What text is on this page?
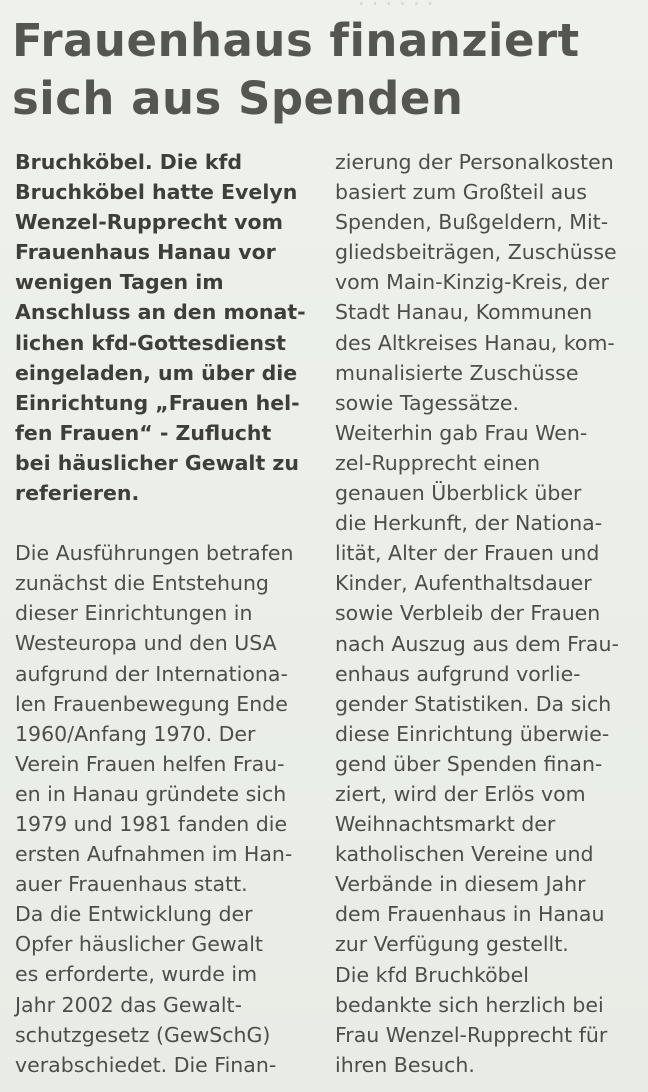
· · · · · ·
Frauenhaus finanziert
sich aus Spenden
Bruchköbel. Die kfd
Bruchköbel hatte Evelyn
Wenzel-Rupprecht vom
Frauenhaus Hanau vor
wenigen Tagen im
Anschluss an den monat-
lichen kfd-Gottesdienst
eingeladen, um über die
Einrichtung „Frauen hel-
fen Frauen“ - Zuflucht
bei häuslicher Gewalt zu
referieren.
Die Ausführungen betrafen
zunächst die Entstehung
dieser Einrichtungen in
Westeuropa und den USA
aufgrund der Internationa-
len Frauenbewegung Ende
1960/Anfang 1970. Der
Verein Frauen helfen Frau-
en in Hanau gründete sich
1979 und 1981 fanden die
ersten Aufnahmen im Han-
auer Frauenhaus statt.
Da die Entwicklung der
Opfer häuslicher Gewalt
es erforderte, wurde im
Jahr 2002 das Gewalt-
schutzgesetz (GewSchG)
verabschiedet. Die Finan-
zierung der Personalkosten
basiert zum Großteil aus
Spenden, Bußgeldern, Mit-
gliedsbeiträgen, Zuschüsse
vom Main-Kinzig-Kreis, der
Stadt Hanau, Kommunen
des Altkreises Hanau, kom-
munalisierte Zuschüsse
sowie Tagessätze.
Weiterhin gab Frau Wen-
zel-Rupprecht einen
genauen Überblick über
die Herkunft, der Nationa-
lität, Alter der Frauen und
Kinder, Aufenthaltsdauer
sowie Verbleib der Frauen
nach Auszug aus dem Frau-
enhaus aufgrund vorlie-
gender Statistiken. Da sich
diese Einrichtung überwie-
gend über Spenden finan-
ziert, wird der Erlös vom
Weihnachtsmarkt der
katholischen Vereine und
Verbände in diesem Jahr
dem Frauenhaus in Hanau
zur Verfügung gestellt.
Die kfd Bruchköbel
bedankte sich herzlich bei
Frau Wenzel-Rupprecht für
ihren Besuch.
